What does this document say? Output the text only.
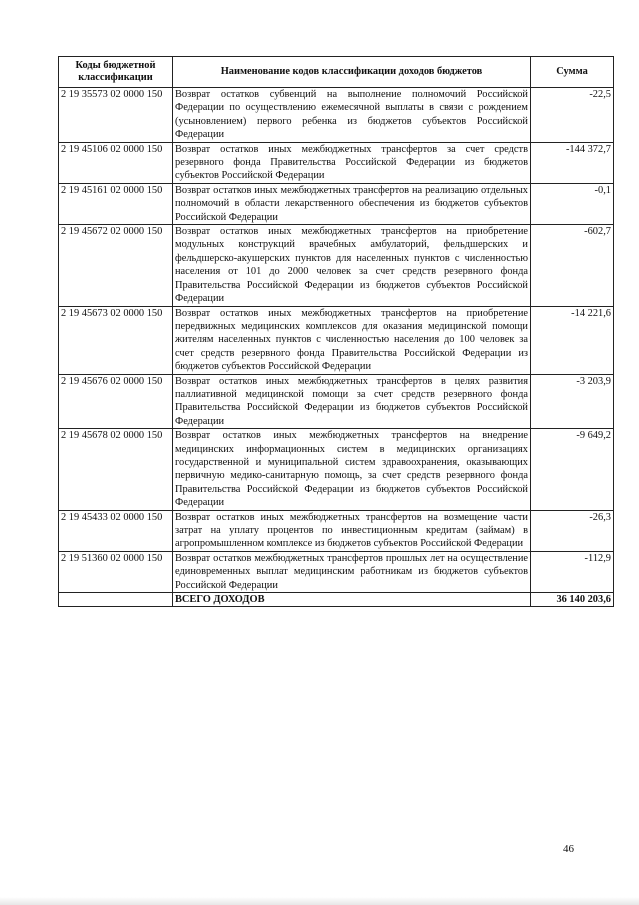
Коды бюджетной классификации	Наименование кодов классификации доходов бюджетов	Сумма
2 19 35573 02 0000 150	Возврат остатков субвенций на выполнение полномочий Российской Федерации по осуществлению ежемесячной выплаты в связи с рождением (усыновлением) первого ребенка из бюджетов субъектов Российской Федерации	-22,5
2 19 45106 02 0000 150	Возврат остатков иных межбюджетных трансфертов за счет средств резервного фонда Правительства Российской Федерации из бюджетов субъектов Российской Федерации	-144 372,7
2 19 45161 02 0000 150	Возврат остатков иных межбюджетных трансфертов на реализацию отдельных полномочий в области лекарственного обеспечения из бюджетов субъектов Российской Федерации	-0,1
2 19 45672 02 0000 150	Возврат остатков иных межбюджетных трансфертов на приобретение модульных конструкций врачебных амбулаторий, фельдшерских и фельдшерско-акушерских пунктов для населенных пунктов с численностью населения от 101 до 2000 человек за счет средств резервного фонда Правительства Российской Федерации из бюджетов субъектов Российской Федерации	-602,7
2 19 45673 02 0000 150	Возврат остатков иных межбюджетных трансфертов на приобретение передвижных медицинских комплексов для оказания медицинской помощи жителям населенных пунктов с численностью населения до 100 человек за счет средств резервного фонда Правительства Российской Федерации из бюджетов субъектов Российской Федерации	-14 221,6
2 19 45676 02 0000 150	Возврат остатков иных межбюджетных трансфертов в целях развития паллиативной медицинской помощи за счет средств резервного фонда Правительства Российской Федерации из бюджетов субъектов Российской Федерации	-3 203,9
2 19 45678 02 0000 150	Возврат остатков иных межбюджетных трансфертов на внедрение медицинских информационных систем в медицинских организациях государственной и муниципальной систем здравоохранения, оказывающих первичную медико-санитарную помощь, за счет средств резервного фонда Правительства Российской Федерации из бюджетов субъектов Российской Федерации	-9 649,2
2 19 45433 02 0000 150	Возврат остатков иных межбюджетных трансфертов на возмещение части затрат на уплату процентов по инвестиционным кредитам (займам) в агропромышленном комплексе из бюджетов субъектов Российской Федерации	-26,3
2 19 51360 02 0000 150	Возврат остатков межбюджетных трансфертов прошлых лет на осуществление единовременных выплат медицинским работникам из бюджетов субъектов Российской Федерации	-112,9
	ВСЕГО ДОХОДОВ	36 140 203,6
46
